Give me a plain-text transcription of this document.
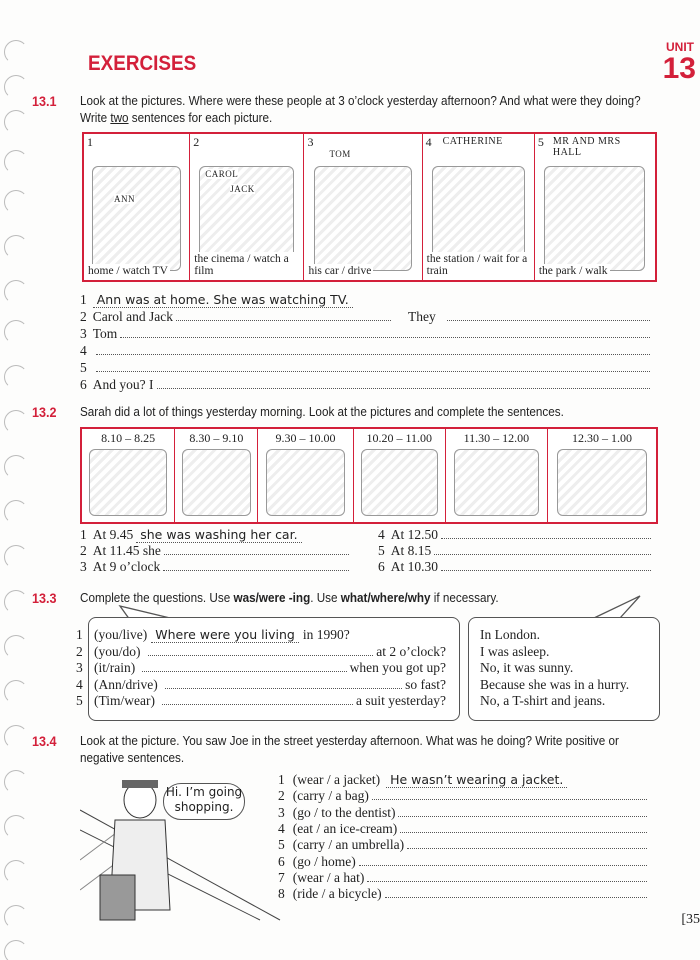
EXERCISES
UNIT
13
13.1 Look at the pictures. Where were these people at 3 o’clock yesterday afternoon? And what were they doing? Write two sentences for each picture.
1
ANN
home / watch TV
2
CAROL
JACK
the cinema / watch a film
3
TOM
his car / drive
4 CATHERINE
the station / wait for a train
5 MR AND MRS HALL
the park / walk
1 Ann was at home. She was watching TV.
2 Carol and Jack	They
3 Tom
4
5
6 And you? I
13.2 Sarah did a lot of things yesterday morning. Look at the pictures and complete the sentences.
8.10 – 8.25	8.30 – 9.10	9.30 – 10.00	10.20 – 11.00	11.30 – 12.00	12.30 – 1.00
1 At 9.45 she was washing her car.
2 At 11.45 she
3 At 9 o’clock
4 At 12.50
5 At 8.15
6 At 10.30
13.3 Complete the questions. Use was/were -ing. Use what/where/why if necessary.
1 (you/live) Where were you living in 1990?	In London.
2 (you/do)	at 2 o’clock?	I was asleep.
3 (it/rain)	when you got up?	No, it was sunny.
4 (Ann/drive)	so fast?	Because she was in a hurry.
5 (Tim/wear)	a suit yesterday?	No, a T-shirt and jeans.
13.4 Look at the picture. You saw Joe in the street yesterday afternoon. What was he doing? Write positive or negative sentences.
Hi. I’m going shopping.
1 (wear / a jacket) He wasn’t wearing a jacket.
2 (carry / a bag)
3 (go / to the dentist)
4 (eat / an ice-cream)
5 (carry / an umbrella)
6 (go / home)
7 (wear / a hat)
8 (ride / a bicycle)
[35
